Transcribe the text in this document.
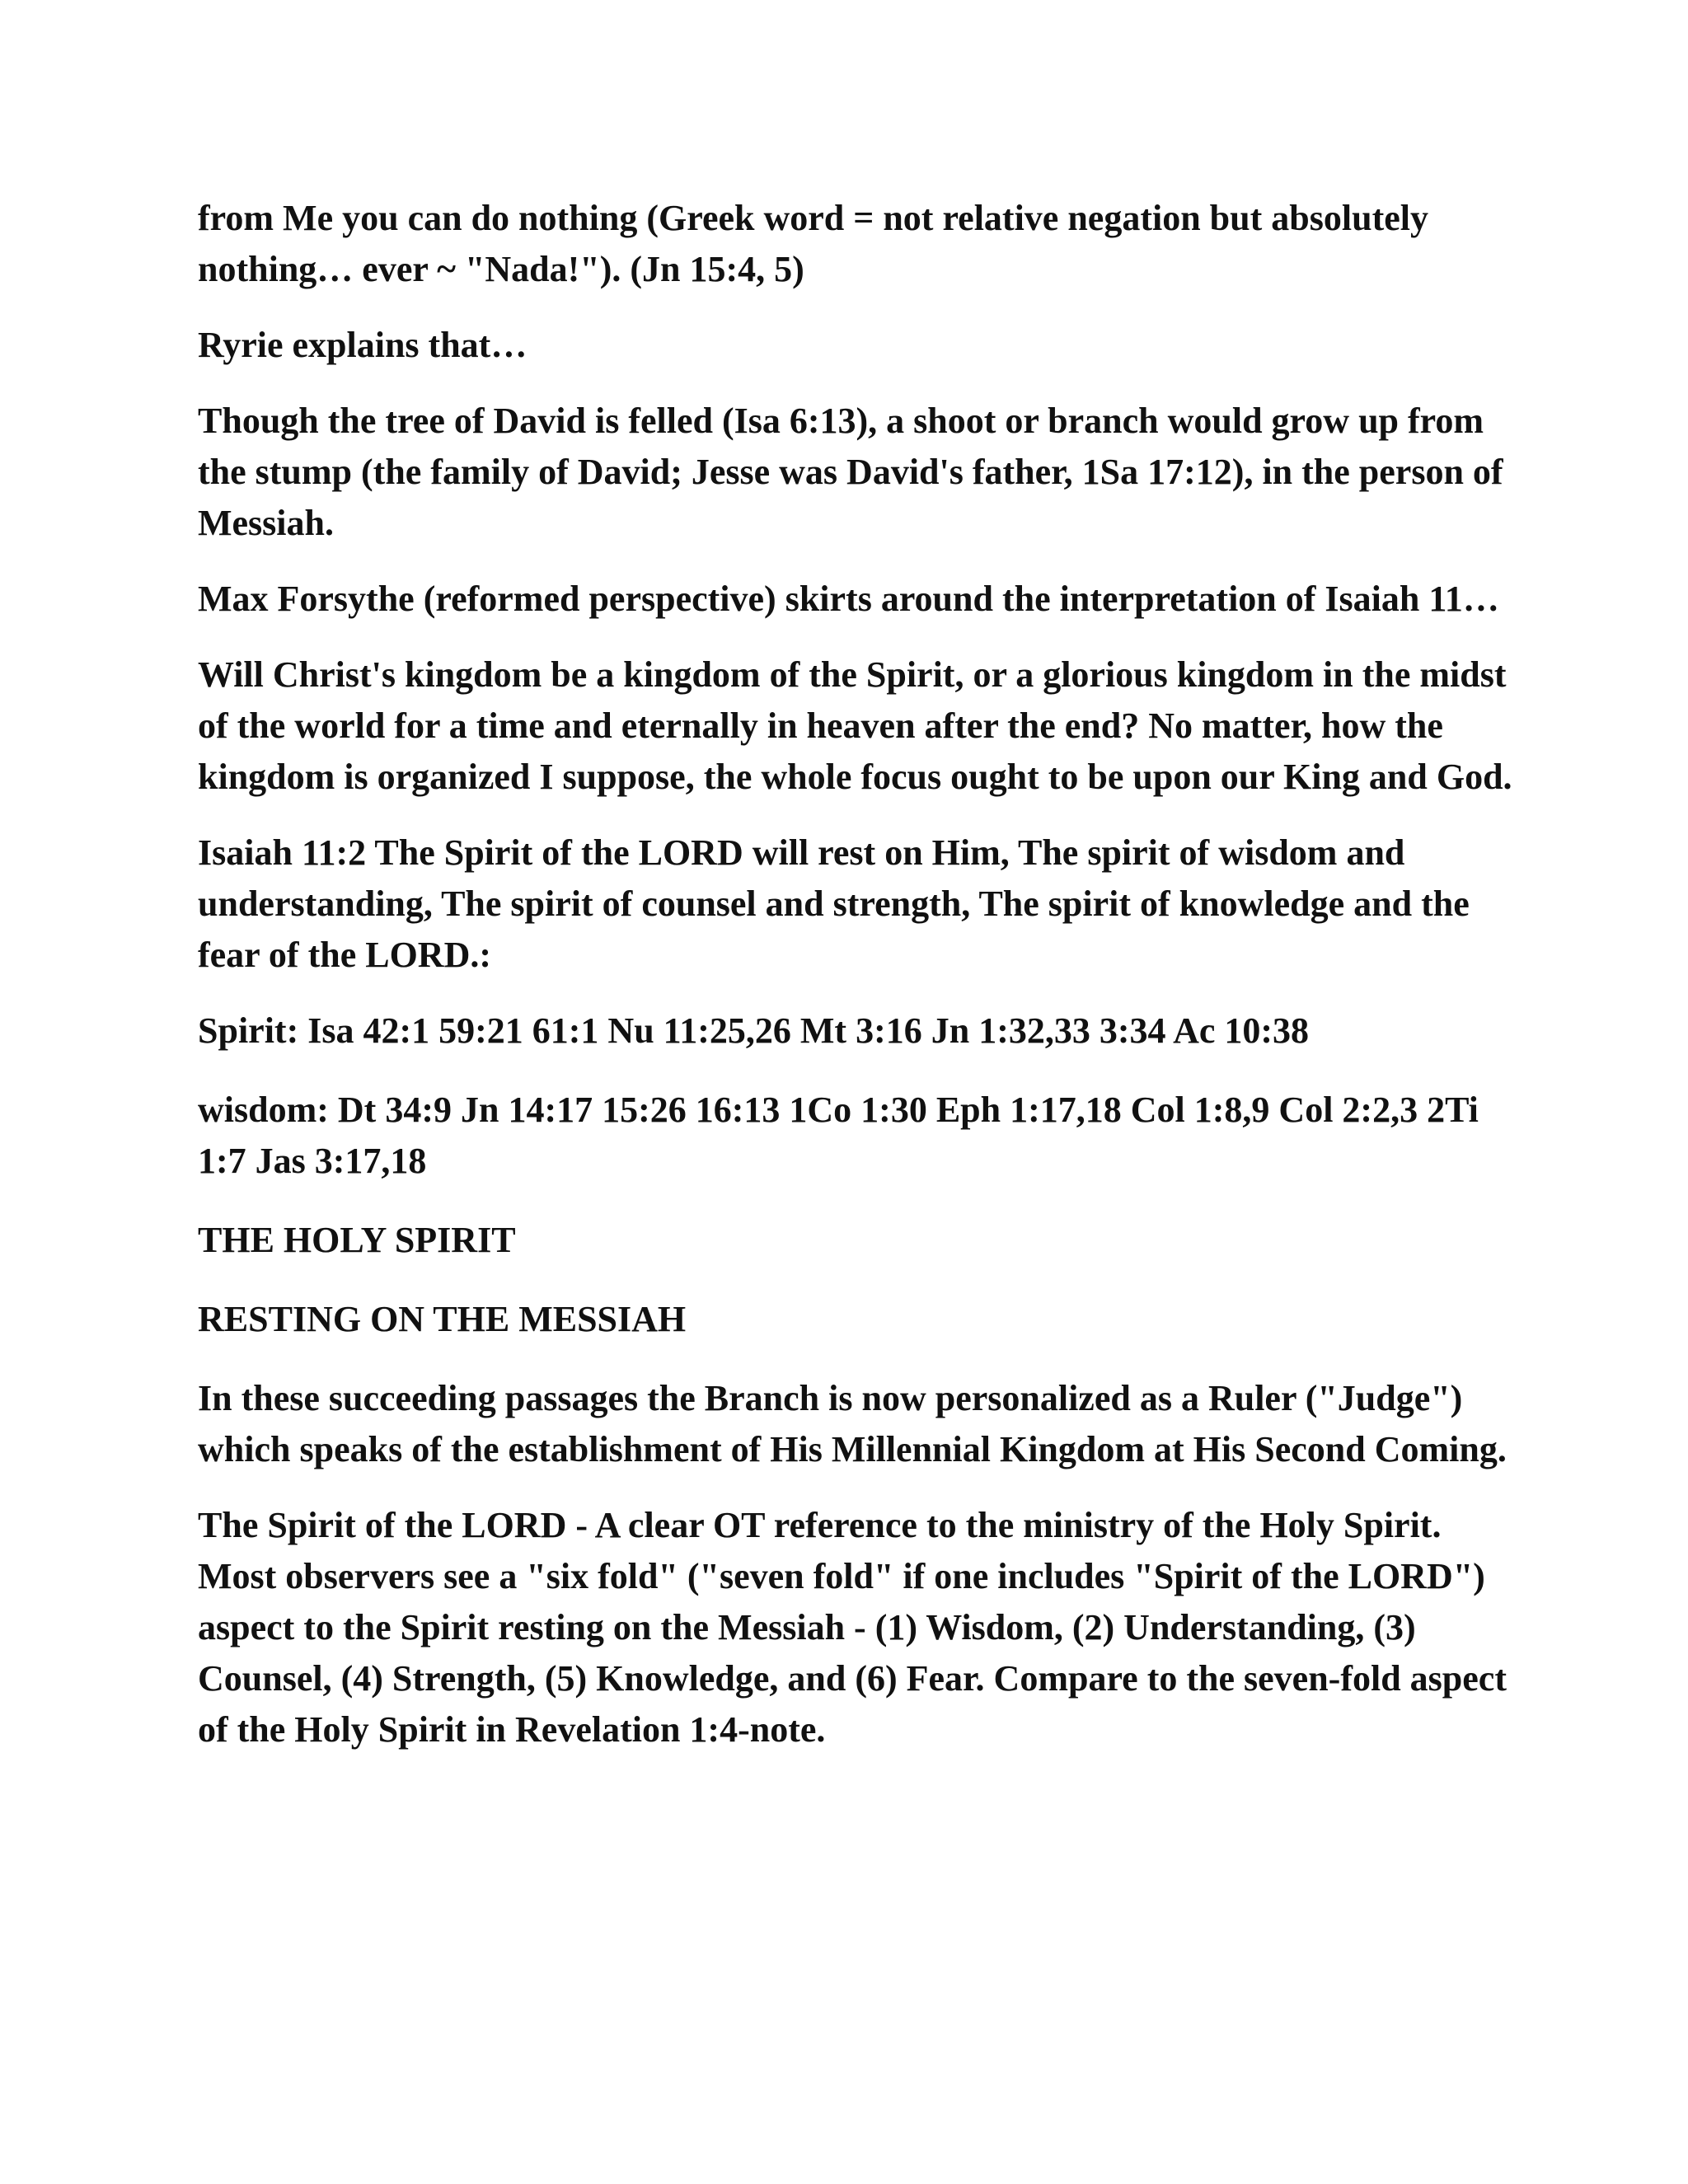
from Me you can do nothing (Greek word = not relative negation but absolutely nothing… ever ~ "Nada!"). (Jn 15:4, 5)

Ryrie explains that…

Though the tree of David is felled (Isa 6:13), a shoot or branch would grow up from the stump (the family of David; Jesse was David's father, 1Sa 17:12), in the person of Messiah.

Max Forsythe (reformed perspective) skirts around the interpretation of Isaiah 11…

Will Christ's kingdom be a kingdom of the Spirit, or a glorious kingdom in the midst of the world for a time and eternally in heaven after the end? No matter, how the kingdom is organized I suppose, the whole focus ought to be upon our King and God.

Isaiah 11:2 The Spirit of the LORD will rest on Him, The spirit of wisdom and understanding, The spirit of counsel and strength, The spirit of knowledge and the fear of the LORD.:

Spirit: Isa 42:1 59:21 61:1 Nu 11:25,26 Mt 3:16 Jn 1:32,33 3:34 Ac 10:38

wisdom: Dt 34:9 Jn 14:17 15:26 16:13 1Co 1:30 Eph 1:17,18 Col 1:8,9 Col 2:2,3 2Ti 1:7 Jas 3:17,18

THE HOLY SPIRIT

RESTING ON THE MESSIAH

In these succeeding passages the Branch is now personalized as a Ruler ("Judge") which speaks of the establishment of His Millennial Kingdom at His Second Coming.

The Spirit of the LORD - A clear OT reference to the ministry of the Holy Spirit. Most observers see a "six fold" ("seven fold" if one includes "Spirit of the LORD") aspect to the Spirit resting on the Messiah - (1) Wisdom, (2) Understanding, (3) Counsel, (4) Strength, (5) Knowledge, and (6) Fear. Compare to the seven-fold aspect of the Holy Spirit in Revelation 1:4-note.
